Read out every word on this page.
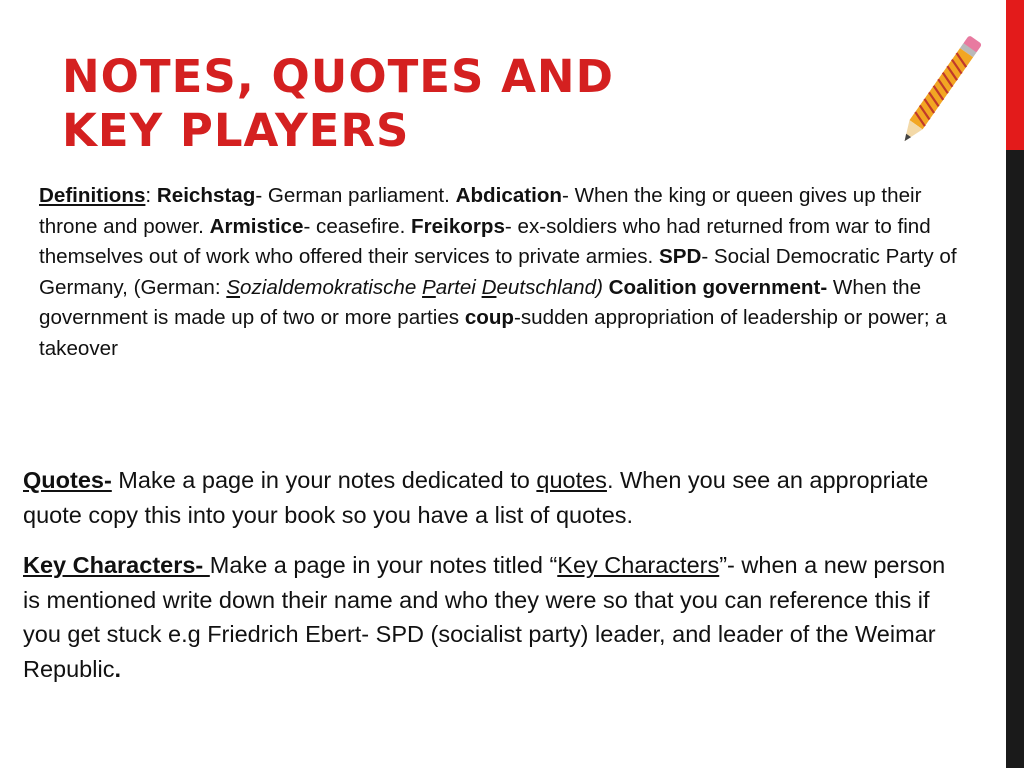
NOTES, QUOTES AND
KEY PLAYERS

Definitions: Reichstag- German parliament. Abdication- When the king or queen gives up their throne and power. Armistice- ceasefire. Freikorps- ex-soldiers who had returned from war to find themselves out of work who offered their services to private armies. SPD- Social Democratic Party of Germany, (German: Sozialdemokratische Partei Deutschland) Coalition government- When the government is made up of two or more parties coup-sudden appropriation of leadership or power; a takeover

Quotes- Make a page in your notes dedicated to quotes. When you see an appropriate quote copy this into your book so you have a list of quotes.

Key Characters- Make a page in your notes titled “Key Characters”- when a new person is mentioned write down their name and who they were so that you can reference this if you get stuck e.g Friedrich Ebert- SPD (socialist party) leader, and leader of the Weimar Republic.
